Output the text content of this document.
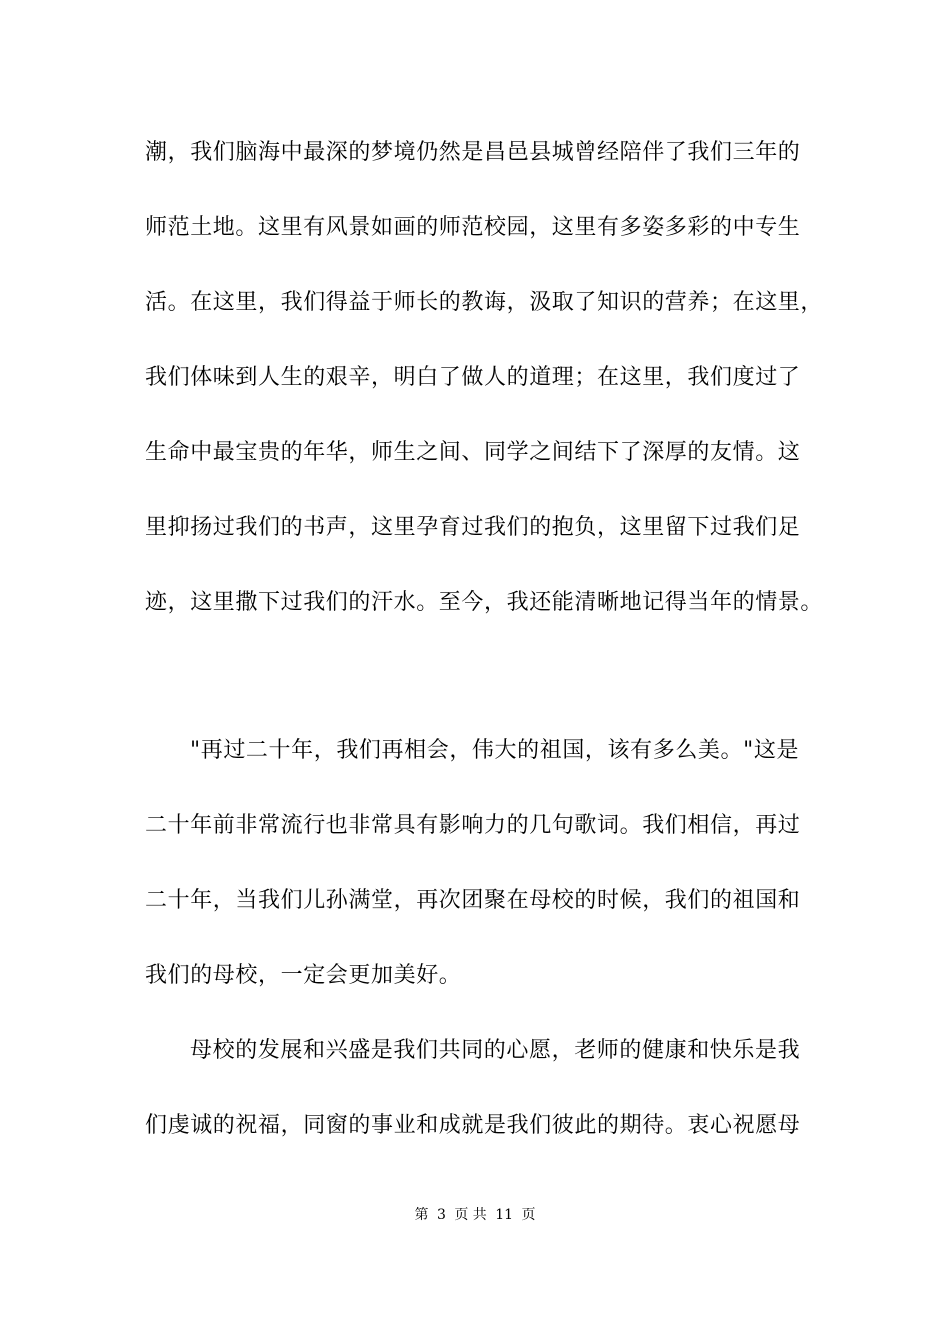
潮，我们脑海中最深的梦境仍然是昌邑县城曾经陪伴了我们三年的
师范土地。这里有风景如画的师范校园，这里有多姿多彩的中专生
活。在这里，我们得益于师长的教诲，汲取了知识的营养；在这里，
我们体味到人生的艰辛，明白了做人的道理；在这里，我们度过了
生命中最宝贵的年华，师生之间、同学之间结下了深厚的友情。这
里抑扬过我们的书声，这里孕育过我们的抱负，这里留下过我们足
迹，这里撒下过我们的汗水。至今，我还能清晰地记得当年的情景。
"再过二十年，我们再相会，伟大的祖国，该有多么美。"这是
二十年前非常流行也非常具有影响力的几句歌词。我们相信，再过
二十年，当我们儿孙满堂，再次团聚在母校的时候，我们的祖国和
我们的母校，一定会更加美好。
母校的发展和兴盛是我们共同的心愿，老师的健康和快乐是我
们虔诚的祝福，同窗的事业和成就是我们彼此的期待。衷心祝愿母
第 3 页 共 11 页
